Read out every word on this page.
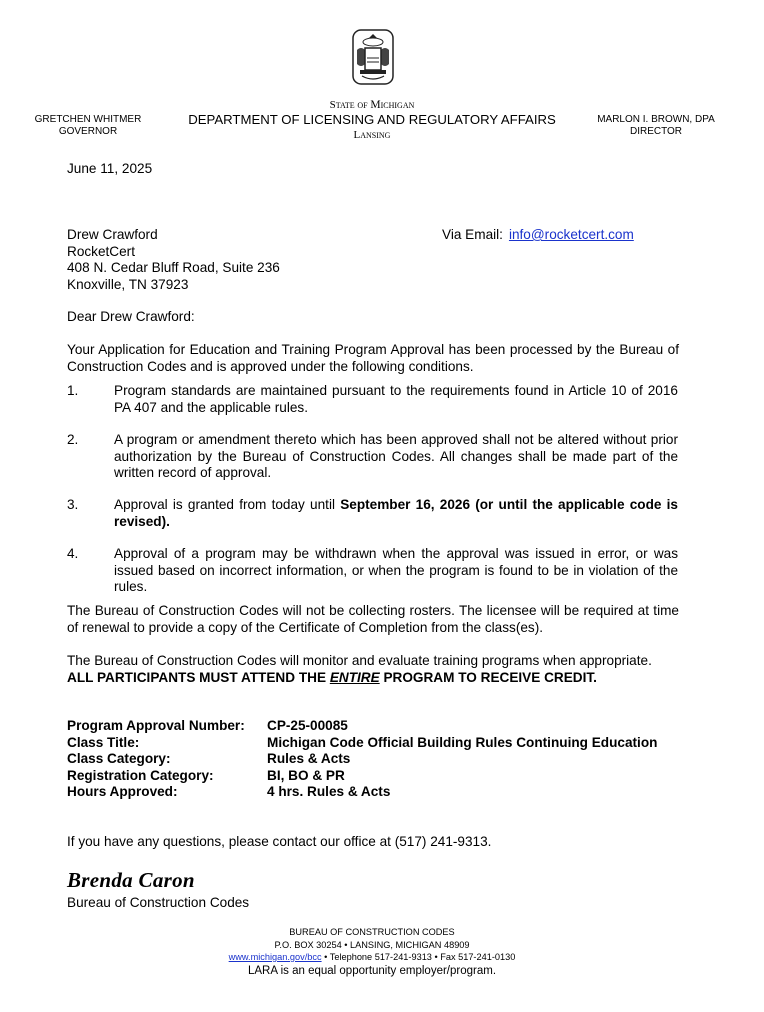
GRETCHEN WHITMER
GOVERNOR
State of Michigan
DEPARTMENT OF LICENSING AND REGULATORY AFFAIRS
Lansing
MARLON I. BROWN, DPA
DIRECTOR
June 11, 2025
Drew Crawford
RocketCert
408 N. Cedar Bluff Road, Suite 236
Knoxville, TN 37923
Via Email: info@rocketcert.com
Dear Drew Crawford:
Your Application for Education and Training Program Approval has been processed by the Bureau of Construction Codes and is approved under the following conditions.
1.	Program standards are maintained pursuant to the requirements found in Article 10 of 2016 PA 407 and the applicable rules.
2.	A program or amendment thereto which has been approved shall not be altered without prior authorization by the Bureau of Construction Codes. All changes shall be made part of the written record of approval.
3.	Approval is granted from today until September 16, 2026 (or until the applicable code is revised).
4.	Approval of a program may be withdrawn when the approval was issued in error, or was issued based on incorrect information, or when the program is found to be in violation of the rules.
The Bureau of Construction Codes will not be collecting rosters. The licensee will be required at time of renewal to provide a copy of the Certificate of Completion from the class(es).
The Bureau of Construction Codes will monitor and evaluate training programs when appropriate.
ALL PARTICIPANTS MUST ATTEND THE ENTIRE PROGRAM TO RECEIVE CREDIT.
Program Approval Number:	CP-25-00085
Class Title:	Michigan Code Official Building Rules Continuing Education
Class Category:	Rules & Acts
Registration Category:	BI, BO & PR
Hours Approved:	4 hrs. Rules & Acts
If you have any questions, please contact our office at (517) 241-9313.
Brenda Caron
Bureau of Construction Codes
BUREAU OF CONSTRUCTION CODES
P.O. BOX 30254 • LANSING, MICHIGAN 48909
www.michigan.gov/bcc • Telephone 517-241-9313 • Fax 517-241-0130
LARA is an equal opportunity employer/program.
